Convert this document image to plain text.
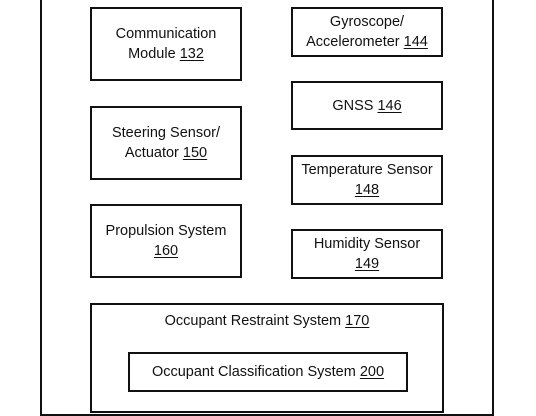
Communication
Module 132
Steering Sensor/
Actuator 150
Propulsion System
160
Gyroscope/
Accelerometer 144
GNSS 146
Temperature Sensor
148
Humidity Sensor
149
Occupant Restraint System 170
Occupant Classification System 200
